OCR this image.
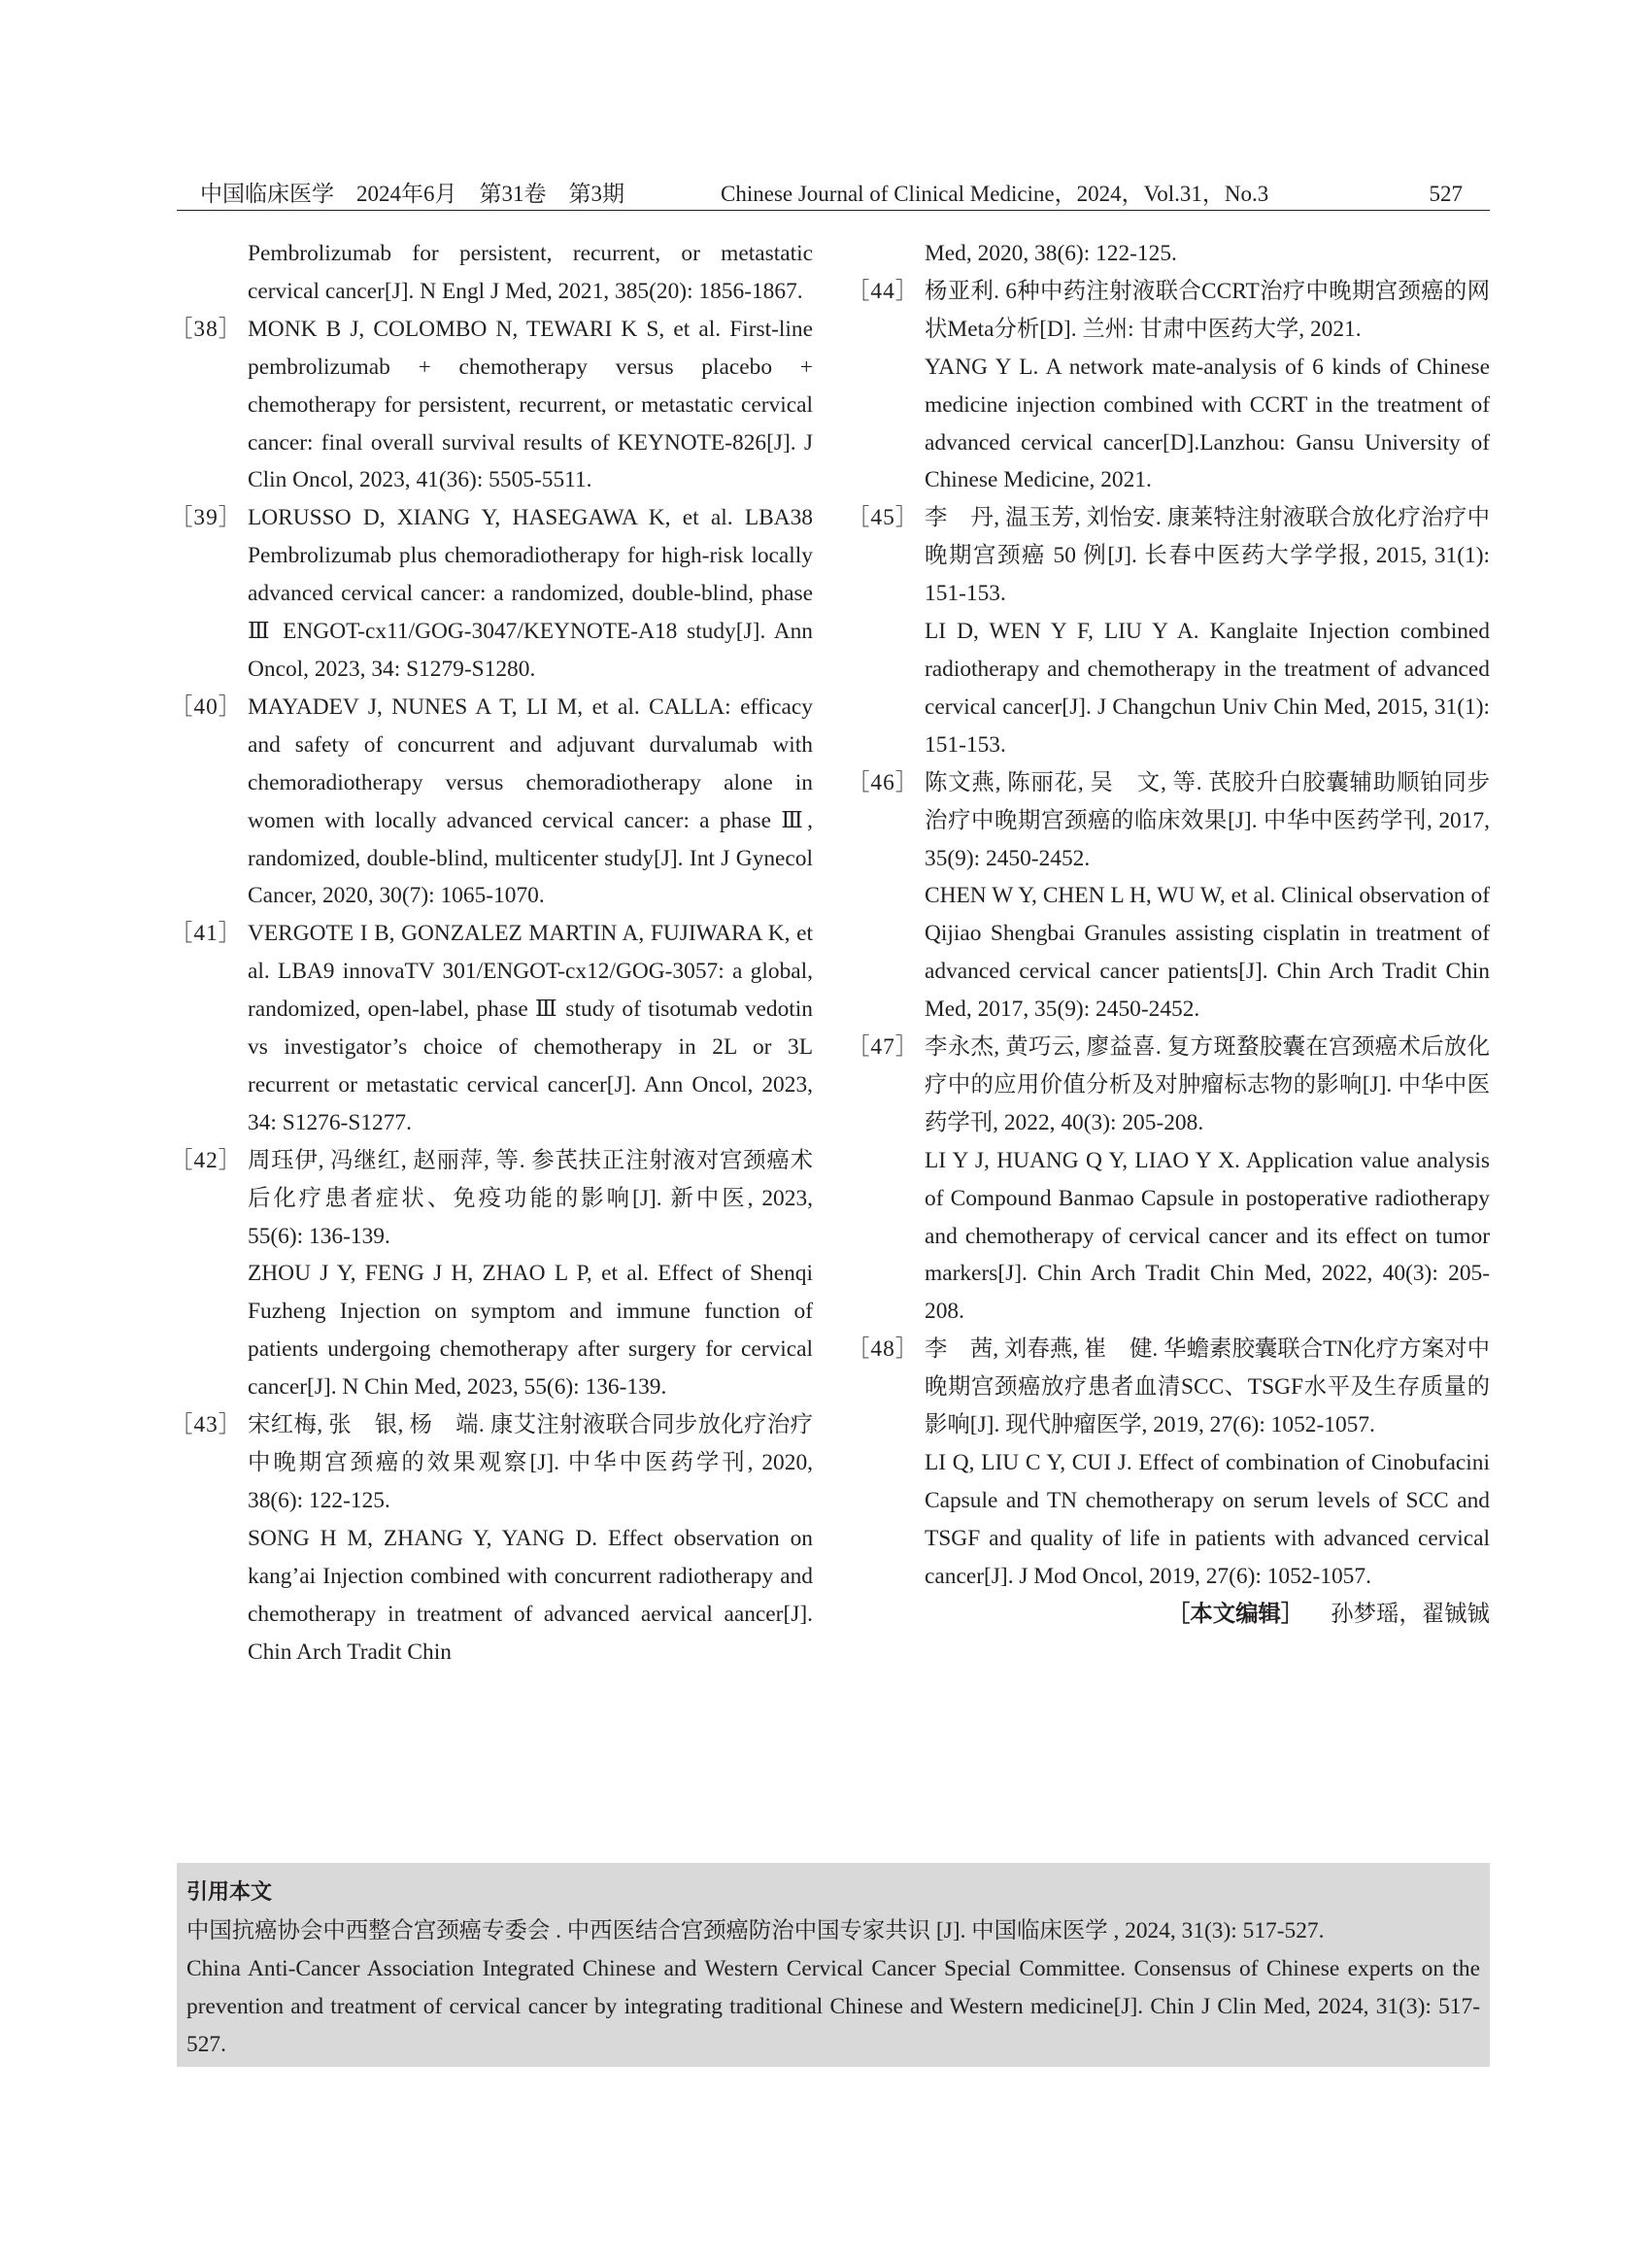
中国临床医学　2024年6月　第31卷　第3期	Chinese Journal of Clinical Medicine，2024，Vol.31，No.3	527

Pembrolizumab for persistent, recurrent, or metastatic cervical cancer[J]. N Engl J Med, 2021, 385(20): 1856-1867.

［38］ MONK B J, COLOMBO N, TEWARI K S, et al. First-line pembrolizumab + chemotherapy versus placebo + chemotherapy for persistent, recurrent, or metastatic cervical cancer: final overall survival results of KEYNOTE-826[J]. J Clin Oncol, 2023, 41(36): 5505-5511.

［39］ LORUSSO D, XIANG Y, HASEGAWA K, et al. LBA38 Pembrolizumab plus chemoradiotherapy for high-risk locally advanced cervical cancer: a randomized, double-blind, phase Ⅲ ENGOT-cx11/GOG-3047/KEYNOTE-A18 study[J]. Ann Oncol, 2023, 34: S1279-S1280.

［40］ MAYADEV J, NUNES A T, LI M, et al. CALLA: efficacy and safety of concurrent and adjuvant durvalumab with chemoradiotherapy versus chemoradiotherapy alone in women with locally advanced cervical cancer: a phase Ⅲ, randomized, double-blind, multicenter study[J]. Int J Gynecol Cancer, 2020, 30(7): 1065-1070.

［41］ VERGOTE I B, GONZALEZ MARTIN A, FUJIWARA K, et al. LBA9 innovaTV 301/ENGOT-cx12/GOG-3057: a global, randomized, open-label, phase Ⅲ study of tisotumab vedotin vs investigator’s choice of chemotherapy in 2L or 3L recurrent or metastatic cervical cancer[J]. Ann Oncol, 2023, 34: S1276-S1277.

［42］ 周珏伊, 冯继红, 赵丽萍, 等. 参芪扶正注射液对宫颈癌术后化疗患者症状、免疫功能的影响[J]. 新中医, 2023, 55(6): 136-139.

ZHOU J Y, FENG J H, ZHAO L P, et al. Effect of Shenqi Fuzheng Injection on symptom and immune function of patients undergoing chemotherapy after surgery for cervical cancer[J]. N Chin Med, 2023, 55(6): 136-139.

［43］ 宋红梅, 张　银, 杨　端. 康艾注射液联合同步放化疗治疗中晚期宫颈癌的效果观察[J]. 中华中医药学刊, 2020, 38(6): 122-125.

SONG H M, ZHANG Y, YANG D. Effect observation on kang’ai Injection combined with concurrent radiotherapy and chemotherapy in treatment of advanced aervical aancer[J]. Chin Arch Tradit Chin

Med, 2020, 38(6): 122-125.

［44］ 杨亚利. 6种中药注射液联合CCRT治疗中晚期宫颈癌的网状Meta分析[D]. 兰州: 甘肃中医药大学, 2021.

YANG Y L. A network mate-analysis of 6 kinds of Chinese medicine injection combined with CCRT in the treatment of advanced cervical cancer[D].Lanzhou: Gansu University of Chinese Medicine, 2021.

［45］ 李　丹, 温玉芳, 刘怡安. 康莱特注射液联合放化疗治疗中晚期宫颈癌 50 例[J]. 长春中医药大学学报, 2015, 31(1): 151-153.

LI D, WEN Y F, LIU Y A. Kanglaite Injection combined radiotherapy and chemotherapy in the treatment of advanced cervical cancer[J]. J Changchun Univ Chin Med, 2015, 31(1): 151-153.

［46］ 陈文燕, 陈丽花, 吴　文, 等. 芪胶升白胶囊辅助顺铂同步治疗中晚期宫颈癌的临床效果[J]. 中华中医药学刊, 2017, 35(9): 2450-2452.

CHEN W Y, CHEN L H, WU W, et al. Clinical observation of Qijiao Shengbai Granules assisting cisplatin in treatment of advanced cervical cancer patients[J]. Chin Arch Tradit Chin Med, 2017, 35(9): 2450-2452.

［47］ 李永杰, 黄巧云, 廖益喜. 复方斑蝥胶囊在宫颈癌术后放化疗中的应用价值分析及对肿瘤标志物的影响[J]. 中华中医药学刊, 2022, 40(3): 205-208.

LI Y J, HUANG Q Y, LIAO Y X. Application value analysis of Compound Banmao Capsule in postoperative radiotherapy and chemotherapy of cervical cancer and its effect on tumor markers[J]. Chin Arch Tradit Chin Med, 2022, 40(3): 205-208.

［48］ 李　茜, 刘春燕, 崔　健. 华蟾素胶囊联合TN化疗方案对中晚期宫颈癌放疗患者血清SCC、TSGF水平及生存质量的影响[J]. 现代肿瘤医学, 2019, 27(6): 1052-1057.

LI Q, LIU C Y, CUI J. Effect of combination of Cinobufacini Capsule and TN chemotherapy on serum levels of SCC and TSGF and quality of life in patients with advanced cervical cancer[J]. J Mod Oncol, 2019, 27(6): 1052-1057.

［本文编辑］ 孙梦瑶，翟铖铖
引用本文

中国抗癌协会中西整合宫颈癌专委会 . 中西医结合宫颈癌防治中国专家共识 [J]. 中国临床医学 , 2024, 31(3): 517-527.

China Anti-Cancer Association Integrated Chinese and Western Cervical Cancer Special Committee. Consensus of Chinese experts on the prevention and treatment of cervical cancer by integrating traditional Chinese and Western medicine[J]. Chin J Clin Med, 2024, 31(3): 517-527.
